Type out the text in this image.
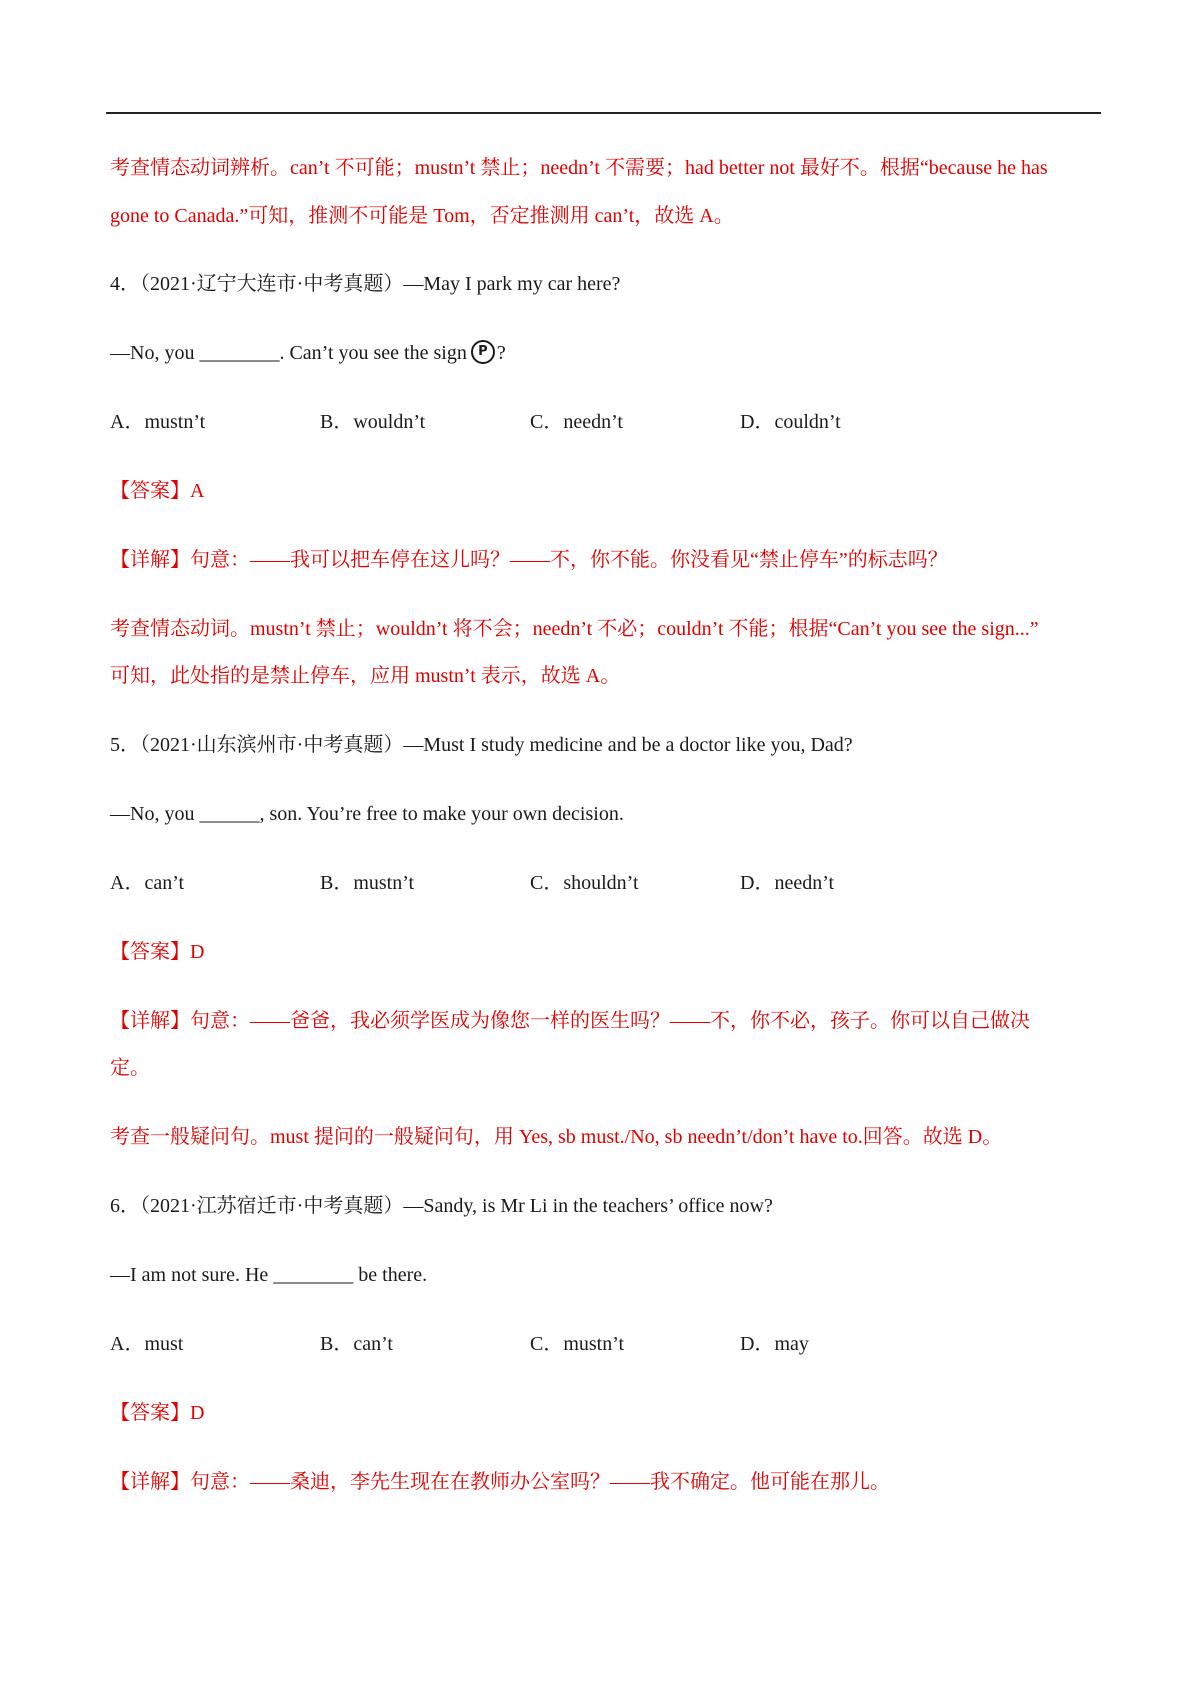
考查情态动词辨析。can’t 不可能；mustn’t 禁止；needn’t 不需要；had better not 最好不。根据“because he has
gone to Canada.”可知，推测不可能是 Tom，否定推测用 can’t，故选 A。
4．（2021·辽宁大连市·中考真题）—May I park my car here?
—No, you ________. Can’t you see the sign P ?
A．mustn’t	B．wouldn’t	C．needn’t	D．couldn’t
【答案】A
【详解】句意：——我可以把车停在这儿吗？——不，你不能。你没看见“禁止停车”的标志吗？
考查情态动词。mustn’t 禁止；wouldn’t 将不会；needn’t 不必；couldn’t 不能；根据“Can’t you see the sign...”
可知，此处指的是禁止停车，应用 mustn’t 表示，故选 A。
5．（2021·山东滨州市·中考真题）—Must I study medicine and be a doctor like you, Dad?
—No, you ______, son. You’re free to make your own decision.
A．can’t	B．mustn’t	C．shouldn’t	D．needn’t
【答案】D
【详解】句意：——爸爸，我必须学医成为像您一样的医生吗？——不，你不必，孩子。你可以自己做决
定。
考查一般疑问句。must 提问的一般疑问句，用 Yes, sb must./No, sb needn’t/don’t have to.回答。故选 D。
6．（2021·江苏宿迁市·中考真题）—Sandy, is Mr Li in the teachers’ office now?
—I am not sure. He ________ be there.
A．must	B．can’t	C．mustn’t	D．may
【答案】D
【详解】句意：——桑迪，李先生现在在教师办公室吗？——我不确定。他可能在那儿。
